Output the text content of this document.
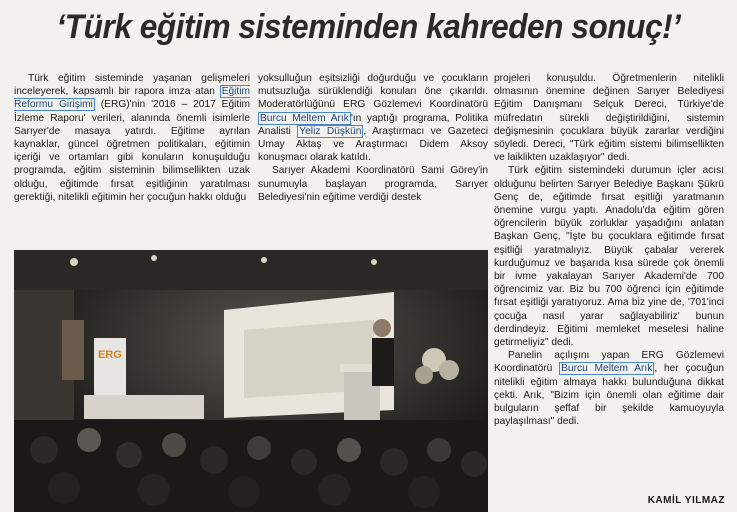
‘Türk eğitim sisteminden kahreden sonuç!’

Türk eğitim sisteminde yaşanan gelişmeleri inceleyerek, kapsamlı bir rapora imza atan Eğitim Reformu Girişimi (ERG)'nin '2016 – 2017 Eğitim İzleme Raporu' verileri, alanında önemli isimlerle Sarıyer'de masaya yatırdı. Eğitime ayrılan kaynaklar, güncel öğretmen politikaları, eğitimin içeriği ve ortamları gibi konuların konuşulduğu programda, eğitim sisteminin bilimsellikten uzak olduğu, eğitimde fırsat eşitliğinin yaratılması gerektiği, nitelikli eğitimin her çocuğun hakkı olduğu

yoksulluğun eşitsizliği doğurduğu ve çocukların mutsuzluğa sürüklendiği konuları öne çıkarıldı. Moderatörlüğünü ERG Gözlemevi Koordinatörü Burcu Meltem Arık 'ın yaptığı programa, Politika Analisti Yeliz Düşkün , Araştırmacı ve Gazeteci Umay Aktaş ve Araştırmacı Didem Aksoy konuşmacı olarak katıldı.

Sarıyer Akademi Koordinatörü Sami Görey'in sunumuyla başlayan programda, Sarıyer Belediyesi'nin eğitime verdiği destek

projeleri konuşuldu. Öğretmenlerin nitelikli olmasının önemine değinen Sarıyer Belediyesi Eğitim Danışmanı Selçuk Dereci, Türkiye'de müfredatın sürekli değiştirildiğini, sistemin değişmesinin çocuklara büyük zararlar verdiğini söyledi. Dereci, "Türk eğitim sistemi bilimsellikten ve laiklikten uzaklaşıyor" dedi.

Türk eğitim sistemindeki durumun içler acısı olduğunu belirten Sarıyer Belediye Başkanı Şükrü Genç de, eğitimde fırsat eşitliği yaratmanın önemine vurgu yaptı. Anadolu'da eğitim gören öğrencilerin büyük zorluklar yaşadığını anlatan Başkan Genç, "İşte bu çocuklara eğitimde fırsat eşitliği yaratmalıyız. Büyük çabalar vererek kurduğumuz ve başarıda kısa sürede çok önemli bir ivme yakalayan Sarıyer Akademi'de 700 öğrencimiz var. Biz bu 700 öğrenci için eğitimde fırsat eşitliği yaratıyoruz. Ama biz yine de, '701'inci çocuğa nasıl yarar sağlayabiliriz' bunun derdindeyiz. Eğitimi memleket meselesi haline getirmeliyiz" dedi.

Panelin açılışını yapan ERG Gözlemevi Koordinatörü Burcu Meltem Arık , her çocuğun nitelikli eğitim almaya hakkı bulunduğuna dikkat çekti. Arık, "Bizim için önemli olan eğitime dair bulguların şeffaf bir şekilde kamuoyuyla paylaşılması" dedi.

ERG
KAMİL YILMAZ
